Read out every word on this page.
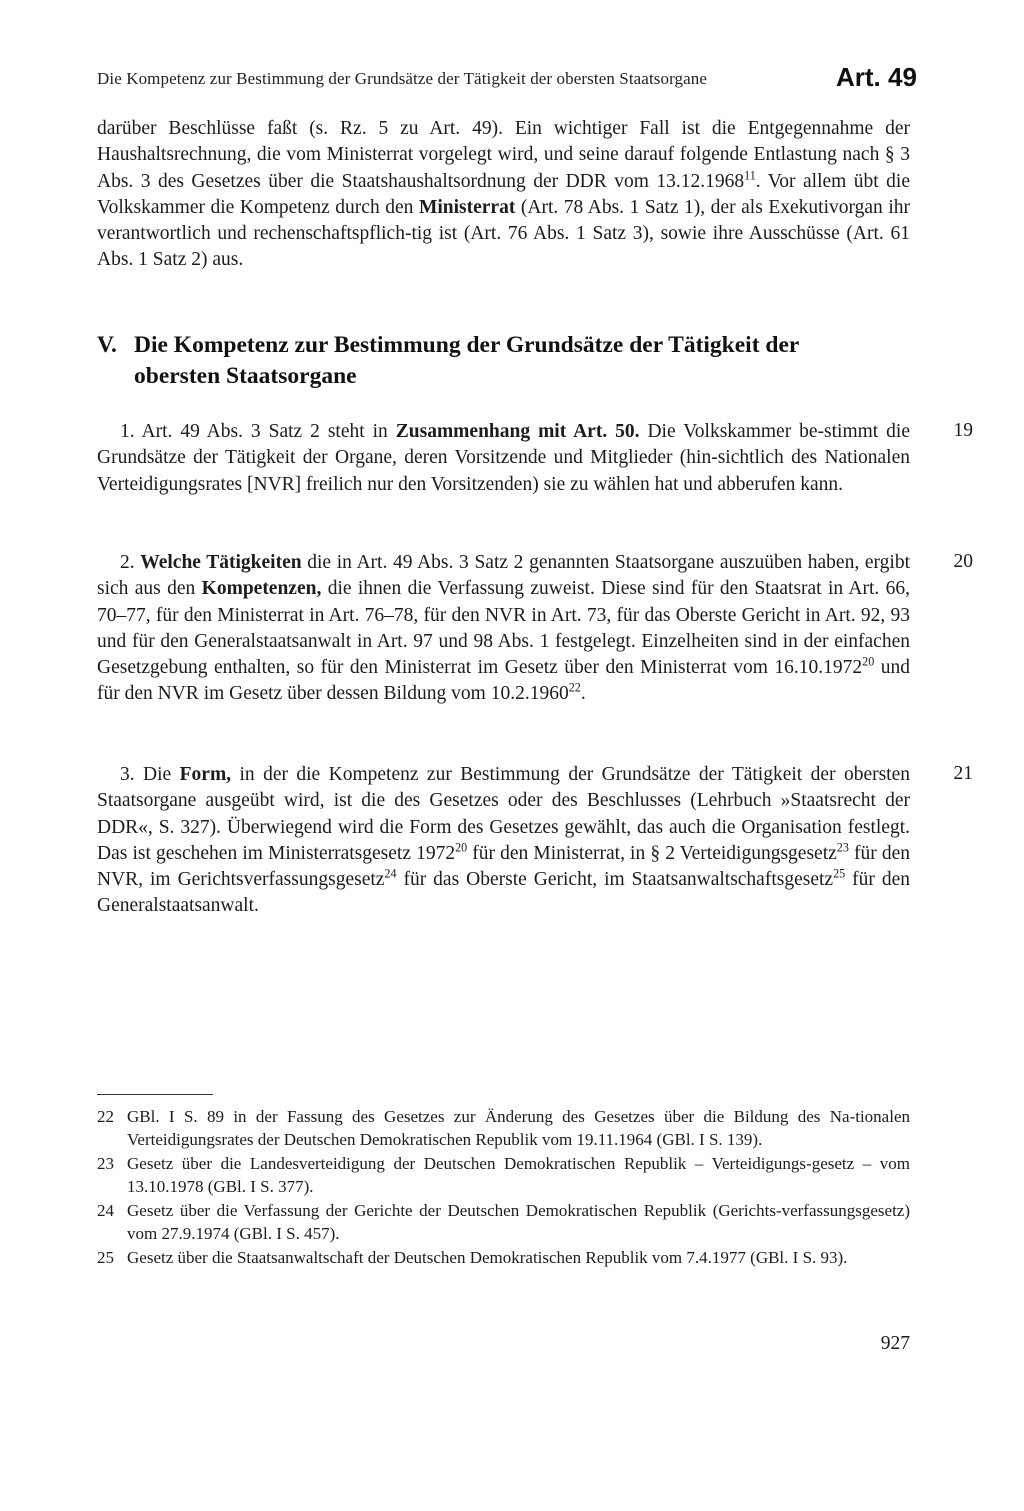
Die Kompetenz zur Bestimmung der Grundsätze der Tätigkeit der obersten Staatsorgane	Art. 49
darüber Beschlüsse faßt (s. Rz. 5 zu Art. 49). Ein wichtiger Fall ist die Entgegennahme der Haushaltsrechnung, die vom Ministerrat vorgelegt wird, und seine darauf folgende Entlastung nach § 3 Abs. 3 des Gesetzes über die Staatshaushaltsordnung der DDR vom 13.12.1968$^{11}$. Vor allem übt die Volkskammer die Kompetenz durch den Ministerrat (Art. 78 Abs. 1 Satz 1), der als Exekutivorgan ihr verantwortlich und rechenschaftspflich-tig ist (Art. 76 Abs. 1 Satz 3), sowie ihre Ausschüsse (Art. 61 Abs. 1 Satz 2) aus.
V. Die Kompetenz zur Bestimmung der Grundsätze der Tätigkeit der
obersten Staatsorgane
1. Art. 49 Abs. 3 Satz 2 steht in Zusammenhang mit Art. 50. Die Volkskammer be-stimmt die Grundsätze der Tätigkeit der Organe, deren Vorsitzende und Mitglieder (hin-sichtlich des Nationalen Verteidigungsrates [NVR] freilich nur den Vorsitzenden) sie zu wählen hat und abberufen kann.
19
2. Welche Tätigkeiten die in Art. 49 Abs. 3 Satz 2 genannten Staatsorgane auszuüben haben, ergibt sich aus den Kompetenzen, die ihnen die Verfassung zuweist. Diese sind für den Staatsrat in Art. 66, 70–77, für den Ministerrat in Art. 76–78, für den NVR in Art. 73, für das Oberste Gericht in Art. 92, 93 und für den Generalstaatsanwalt in Art. 97 und 98 Abs. 1 festgelegt. Einzelheiten sind in der einfachen Gesetzgebung enthalten, so für den Ministerrat im Gesetz über den Ministerrat vom 16.10.1972$^{20}$ und für den NVR im Gesetz über dessen Bildung vom 10.2.1960$^{22}$.
20
3. Die Form, in der die Kompetenz zur Bestimmung der Grundsätze der Tätigkeit der obersten Staatsorgane ausgeübt wird, ist die des Gesetzes oder des Beschlusses (Lehrbuch »Staatsrecht der DDR«, S. 327). Überwiegend wird die Form des Gesetzes gewählt, das auch die Organisation festlegt. Das ist geschehen im Ministerratsgesetz 1972$^{20}$ für den Ministerrat, in § 2 Verteidigungsgesetz$^{23}$ für den NVR, im Gerichtsverfassungsgesetz$^{24}$ für das Oberste Gericht, im Staatsanwaltschaftsgesetz$^{25}$ für den Generalstaatsanwalt.
21
22 GBl. I S. 89 in der Fassung des Gesetzes zur Änderung des Gesetzes über die Bildung des Na-tionalen Verteidigungsrates der Deutschen Demokratischen Republik vom 19.11.1964 (GBl. I S. 139).
23 Gesetz über die Landesverteidigung der Deutschen Demokratischen Republik – Verteidigungs-gesetz – vom 13.10.1978 (GBl. I S. 377).
24 Gesetz über die Verfassung der Gerichte der Deutschen Demokratischen Republik (Gerichts-verfassungsgesetz) vom 27.9.1974 (GBl. I S. 457).
25 Gesetz über die Staatsanwaltschaft der Deutschen Demokratischen Republik vom 7.4.1977 (GBl. I S. 93).
927
